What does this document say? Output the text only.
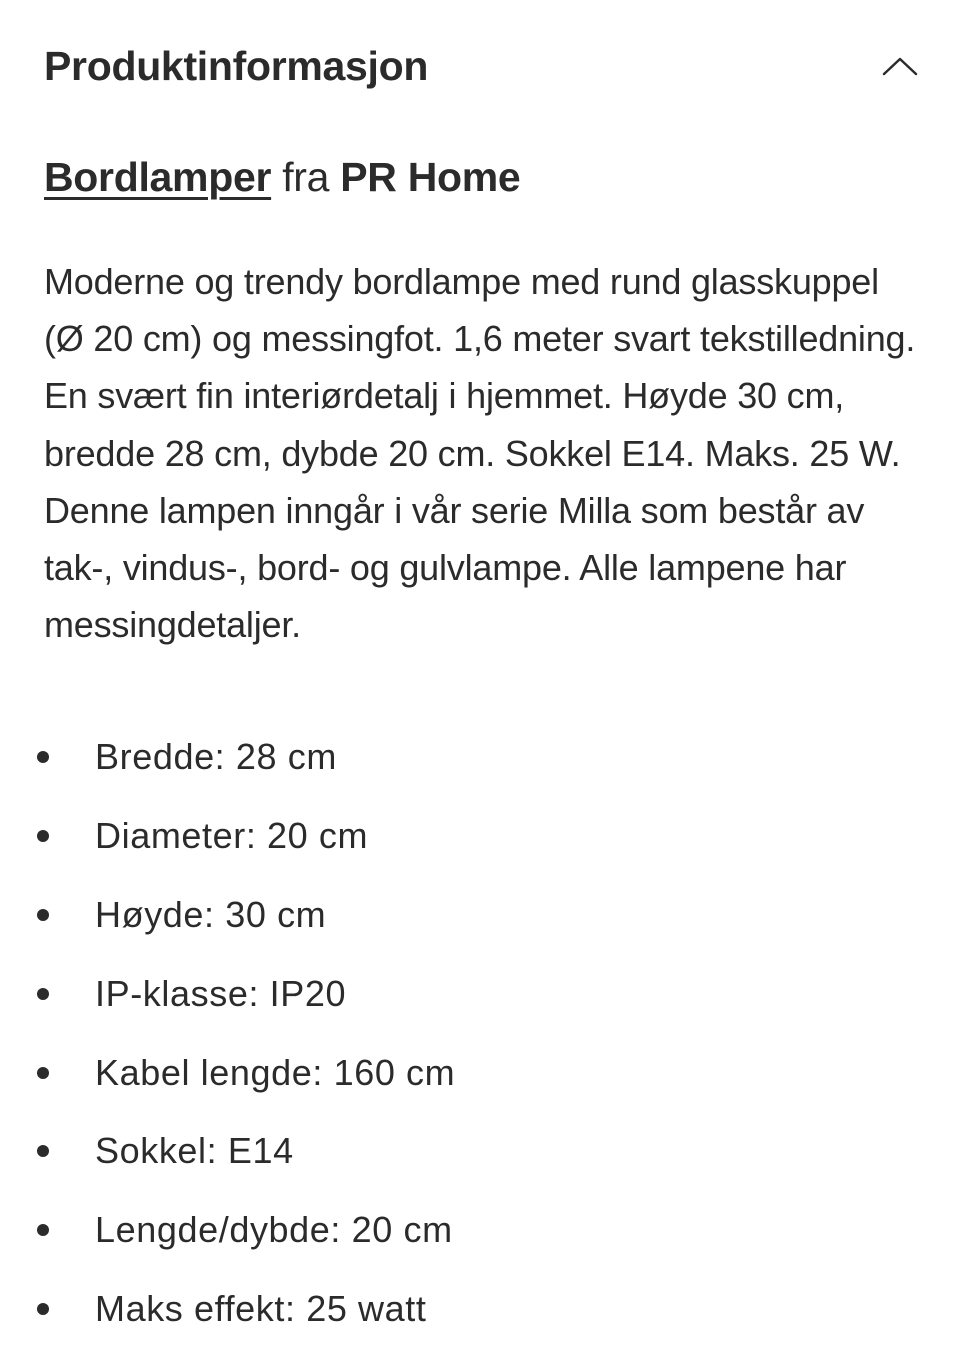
Produktinformasjon
Bordlamper fra PR Home

Moderne og trendy bordlampe med rund glasskuppel (Ø 20 cm) og messingfot. 1,6 meter svart tekstilledning. En svært fin interiørdetalj i hjemmet. Høyde 30 cm, bredde 28 cm, dybde 20 cm. Sokkel E14. Maks. 25 W. Denne lampen inngår i vår serie Milla som består av tak-, vindus-, bord- og gulvlampe. Alle lampene har messingdetaljer.

Bredde: 28 cm
Diameter: 20 cm
Høyde: 30 cm
IP-klasse: IP20
Kabel lengde: 160 cm
Sokkel: E14
Lengde/dybde: 20 cm
Maks effekt: 25 watt
